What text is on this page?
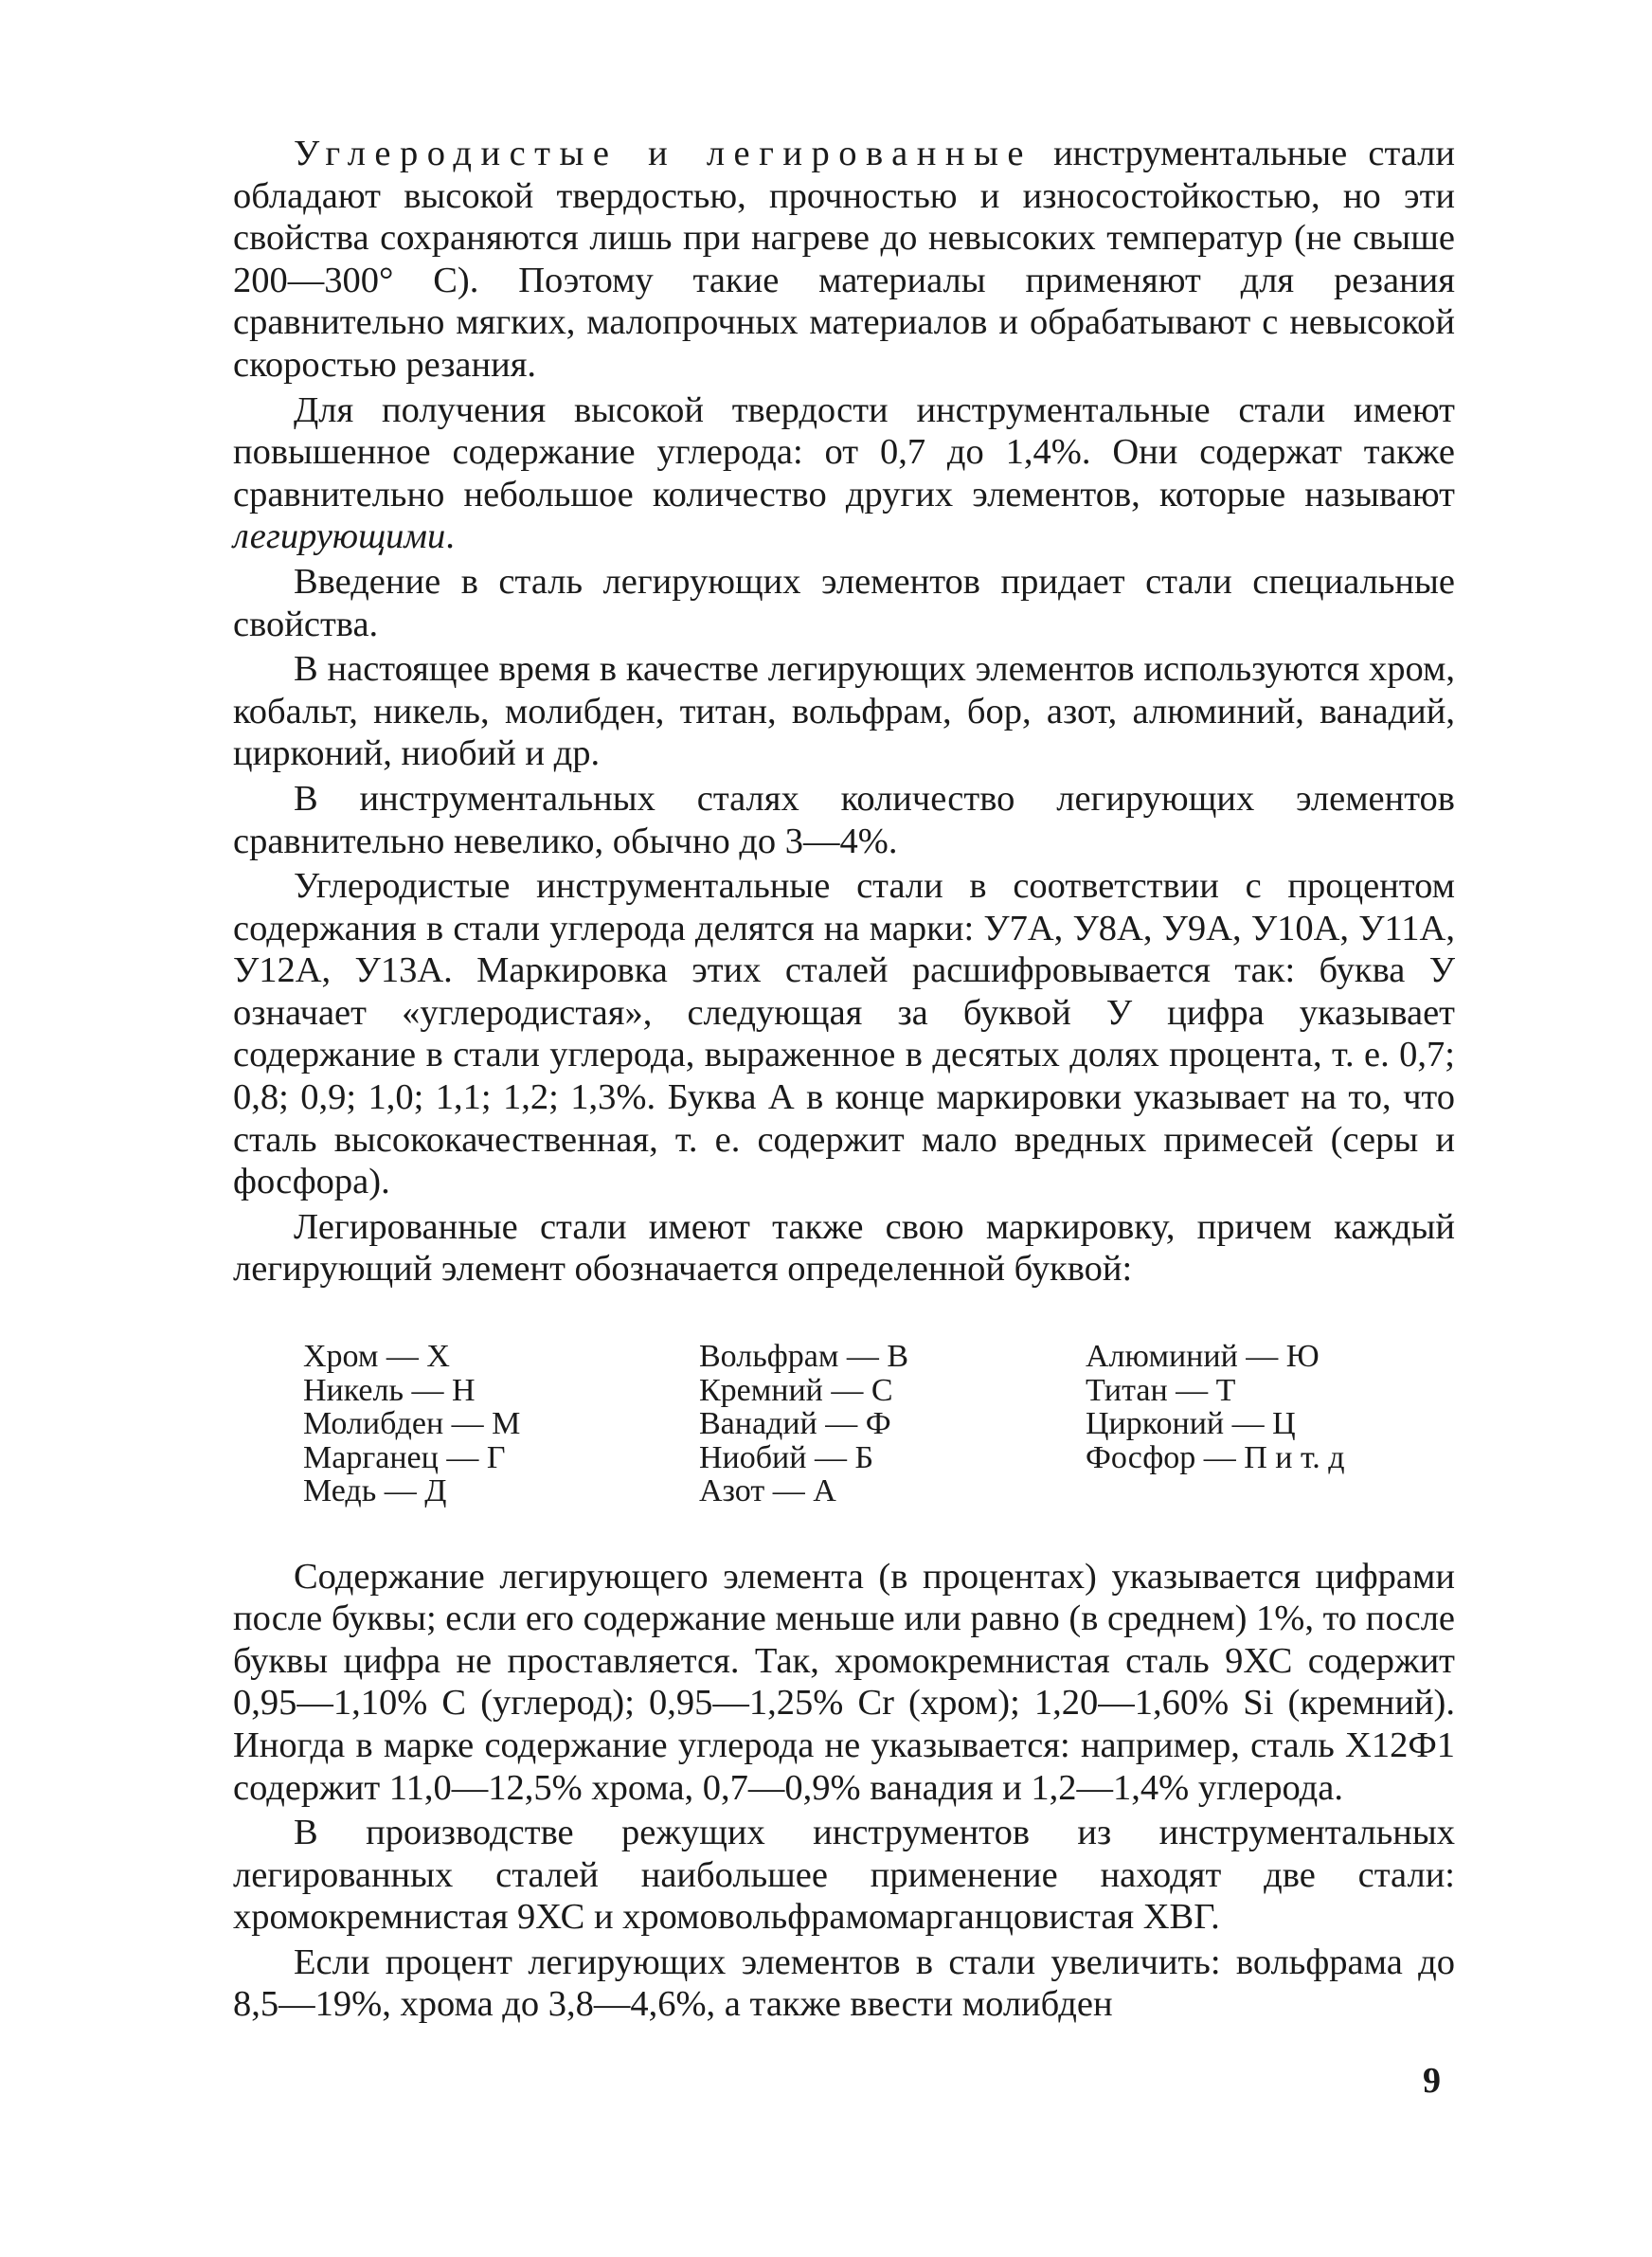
Углеродистые и легированные инструментальные стали обладают высокой твердостью, прочностью и износостойкостью, но эти свойства сохраняются лишь при нагреве до невысоких температур (не свыше 200—300° С). Поэтому такие материалы применяют для резания сравнительно мягких, малопрочных материалов и обрабатывают с невысокой скоростью резания.

Для получения высокой твердости инструментальные стали имеют повышенное содержание углерода: от 0,7 до 1,4%. Они содержат также сравнительно небольшое количество других элементов, которые называют легирующими.

Введение в сталь легирующих элементов придает стали специальные свойства.

В настоящее время в качестве легирующих элементов используются хром, кобальт, никель, молибден, титан, вольфрам, бор, азот, алюминий, ванадий, цирконий, ниобий и др.

В инструментальных сталях количество легирующих элементов сравнительно невелико, обычно до 3—4%.

Углеродистые инструментальные стали в соответствии с процентом содержания в стали углерода делятся на марки: У7А, У8А, У9А, У10А, У11А, У12А, У13А. Маркировка этих сталей расшифровывается так: буква У означает «углеродистая», следующая за буквой У цифра указывает содержание в стали углерода, выраженное в десятых долях процента, т. е. 0,7; 0,8; 0,9; 1,0; 1,1; 1,2; 1,3%. Буква А в конце маркировки указывает на то, что сталь высококачественная, т. е. содержит мало вредных примесей (серы и фосфора).

Легированные стали имеют также свою маркировку, причем каждый легирующий элемент обозначается определенной буквой:

Хром — Х
Никель — Н
Молибден — М
Марганец — Г
Медь — Д
Вольфрам — В
Кремний — С
Ванадий — Ф
Ниобий — Б
Азот — А
Алюминий — Ю
Титан — Т
Цирконий — Ц
Фосфор — П и т. д

Содержание легирующего элемента (в процентах) указывается цифрами после буквы; если его содержание меньше или равно (в среднем) 1%, то после буквы цифра не проставляется. Так, хромокремнистая сталь 9ХС содержит 0,95—1,10% С (углерод); 0,95—1,25% Cr (хром); 1,20—1,60% Si (кремний). Иногда в марке содержание углерода не указывается: например, сталь Х12Ф1 содержит 11,0—12,5% хрома, 0,7—0,9% ванадия и 1,2—1,4% углерода.

В производстве режущих инструментов из инструментальных легированных сталей наибольшее применение находят две стали: хромокремнистая 9ХС и хромовольфрамомарганцовистая ХВГ.

Если процент легирующих элементов в стали увеличить: вольфрама до 8,5—19%, хрома до 3,8—4,6%, а также ввести молибден

9
